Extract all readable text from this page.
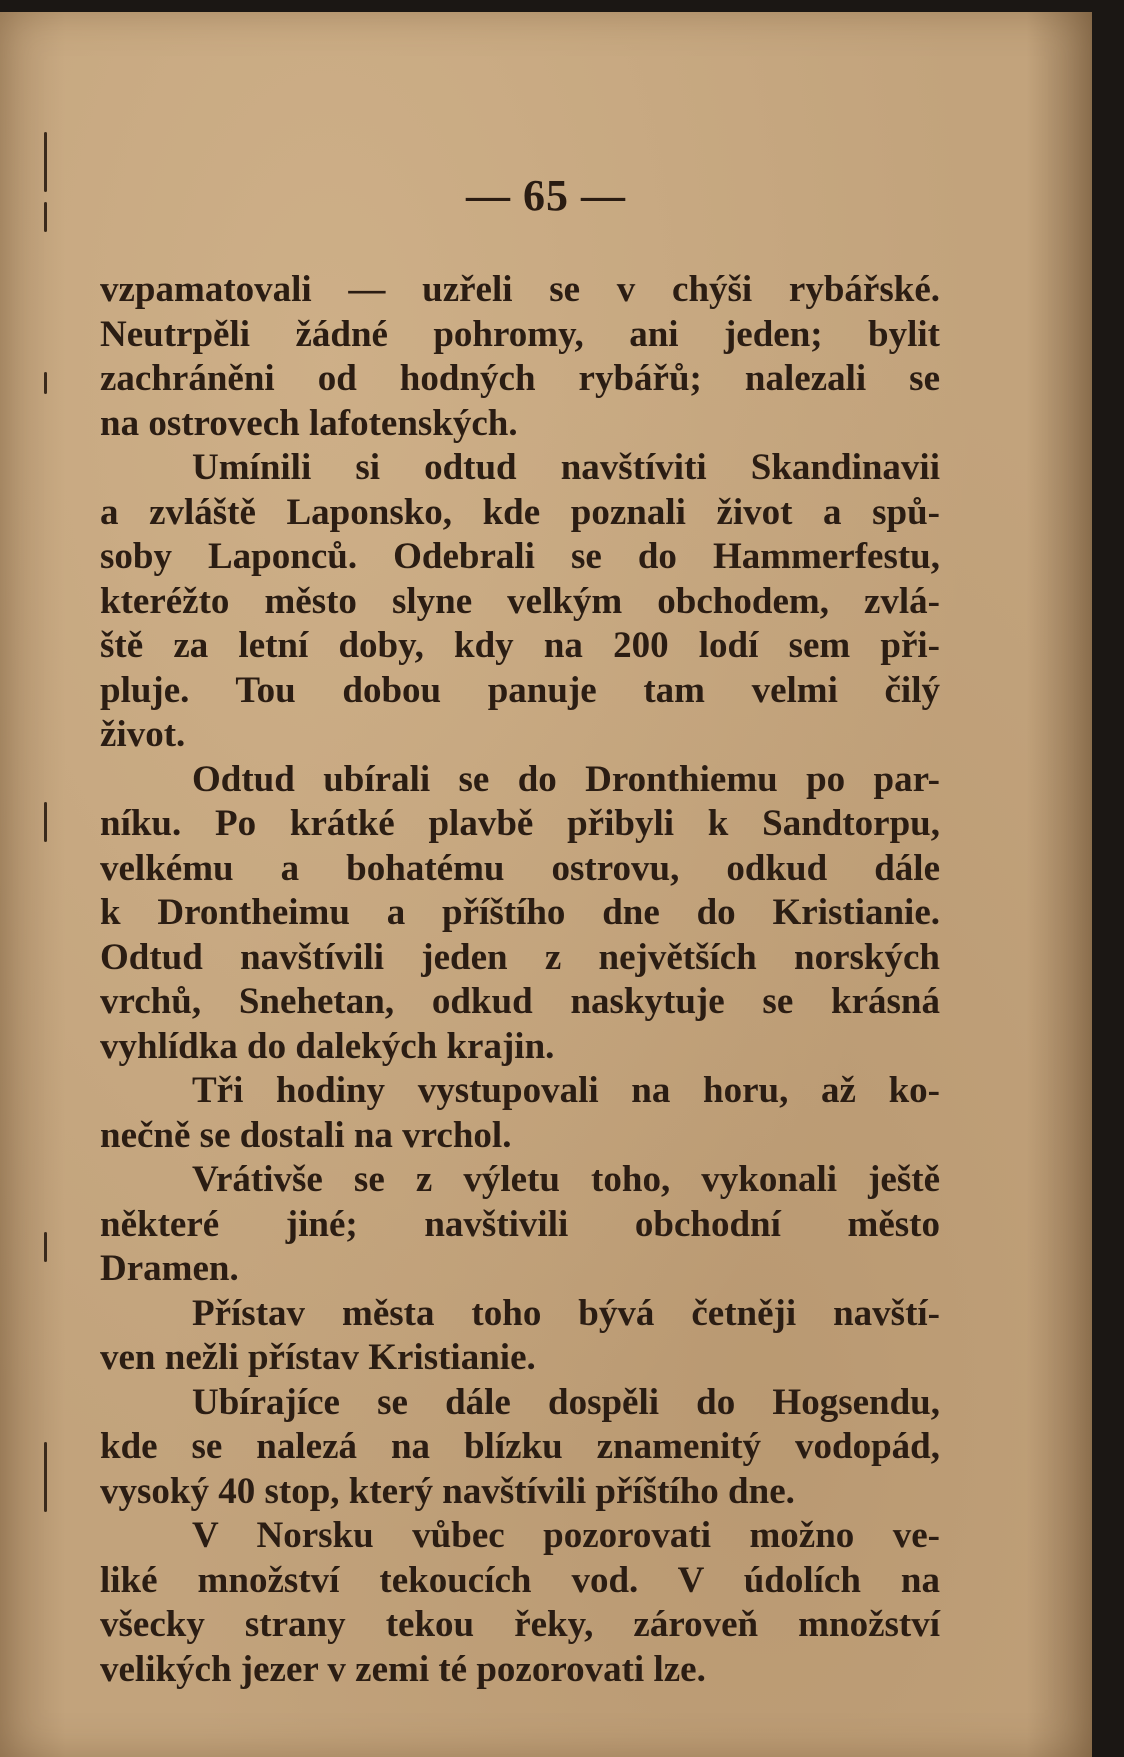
— 65 —
vzpamatovali — uzřeli se v chýši rybářské.
Neutrpěli žádné pohromy, ani jeden; bylit
zachráněni od hodných rybářů; nalezali se
na ostrovech lafotenských.
Umínili si odtud navštíviti Skandinavii
a zvláště Laponsko, kde poznali život a spů-
soby Laponců. Odebrali se do Hammerfestu,
kteréžto město slyne velkým obchodem, zvlá-
ště za letní doby, kdy na 200 lodí sem při-
pluje. Tou dobou panuje tam velmi čilý
život.
Odtud ubírali se do Dronthiemu po par-
níku. Po krátké plavbě přibyli k Sandtorpu,
velkému a bohatému ostrovu, odkud dále
k Drontheimu a příštího dne do Kristianie.
Odtud navštívili jeden z největších norských
vrchů, Snehetan, odkud naskytuje se krásná
vyhlídka do dalekých krajin.
Tři hodiny vystupovali na horu, až ko-
nečně se dostali na vrchol.
Vrátivše se z výletu toho, vykonali ještě
některé jiné; navštivili obchodní město
Dramen.
Přístav města toho bývá četněji navští-
ven nežli přístav Kristianie.
Ubírajíce se dále dospěli do Hogsendu,
kde se nalezá na blízku znamenitý vodopád,
vysoký 40 stop, který navštívili příštího dne.
V Norsku vůbec pozorovati možno ve-
liké množství tekoucích vod. V údolích na
všecky strany tekou řeky, zároveň množství
velikých jezer v zemi té pozorovati lze.
